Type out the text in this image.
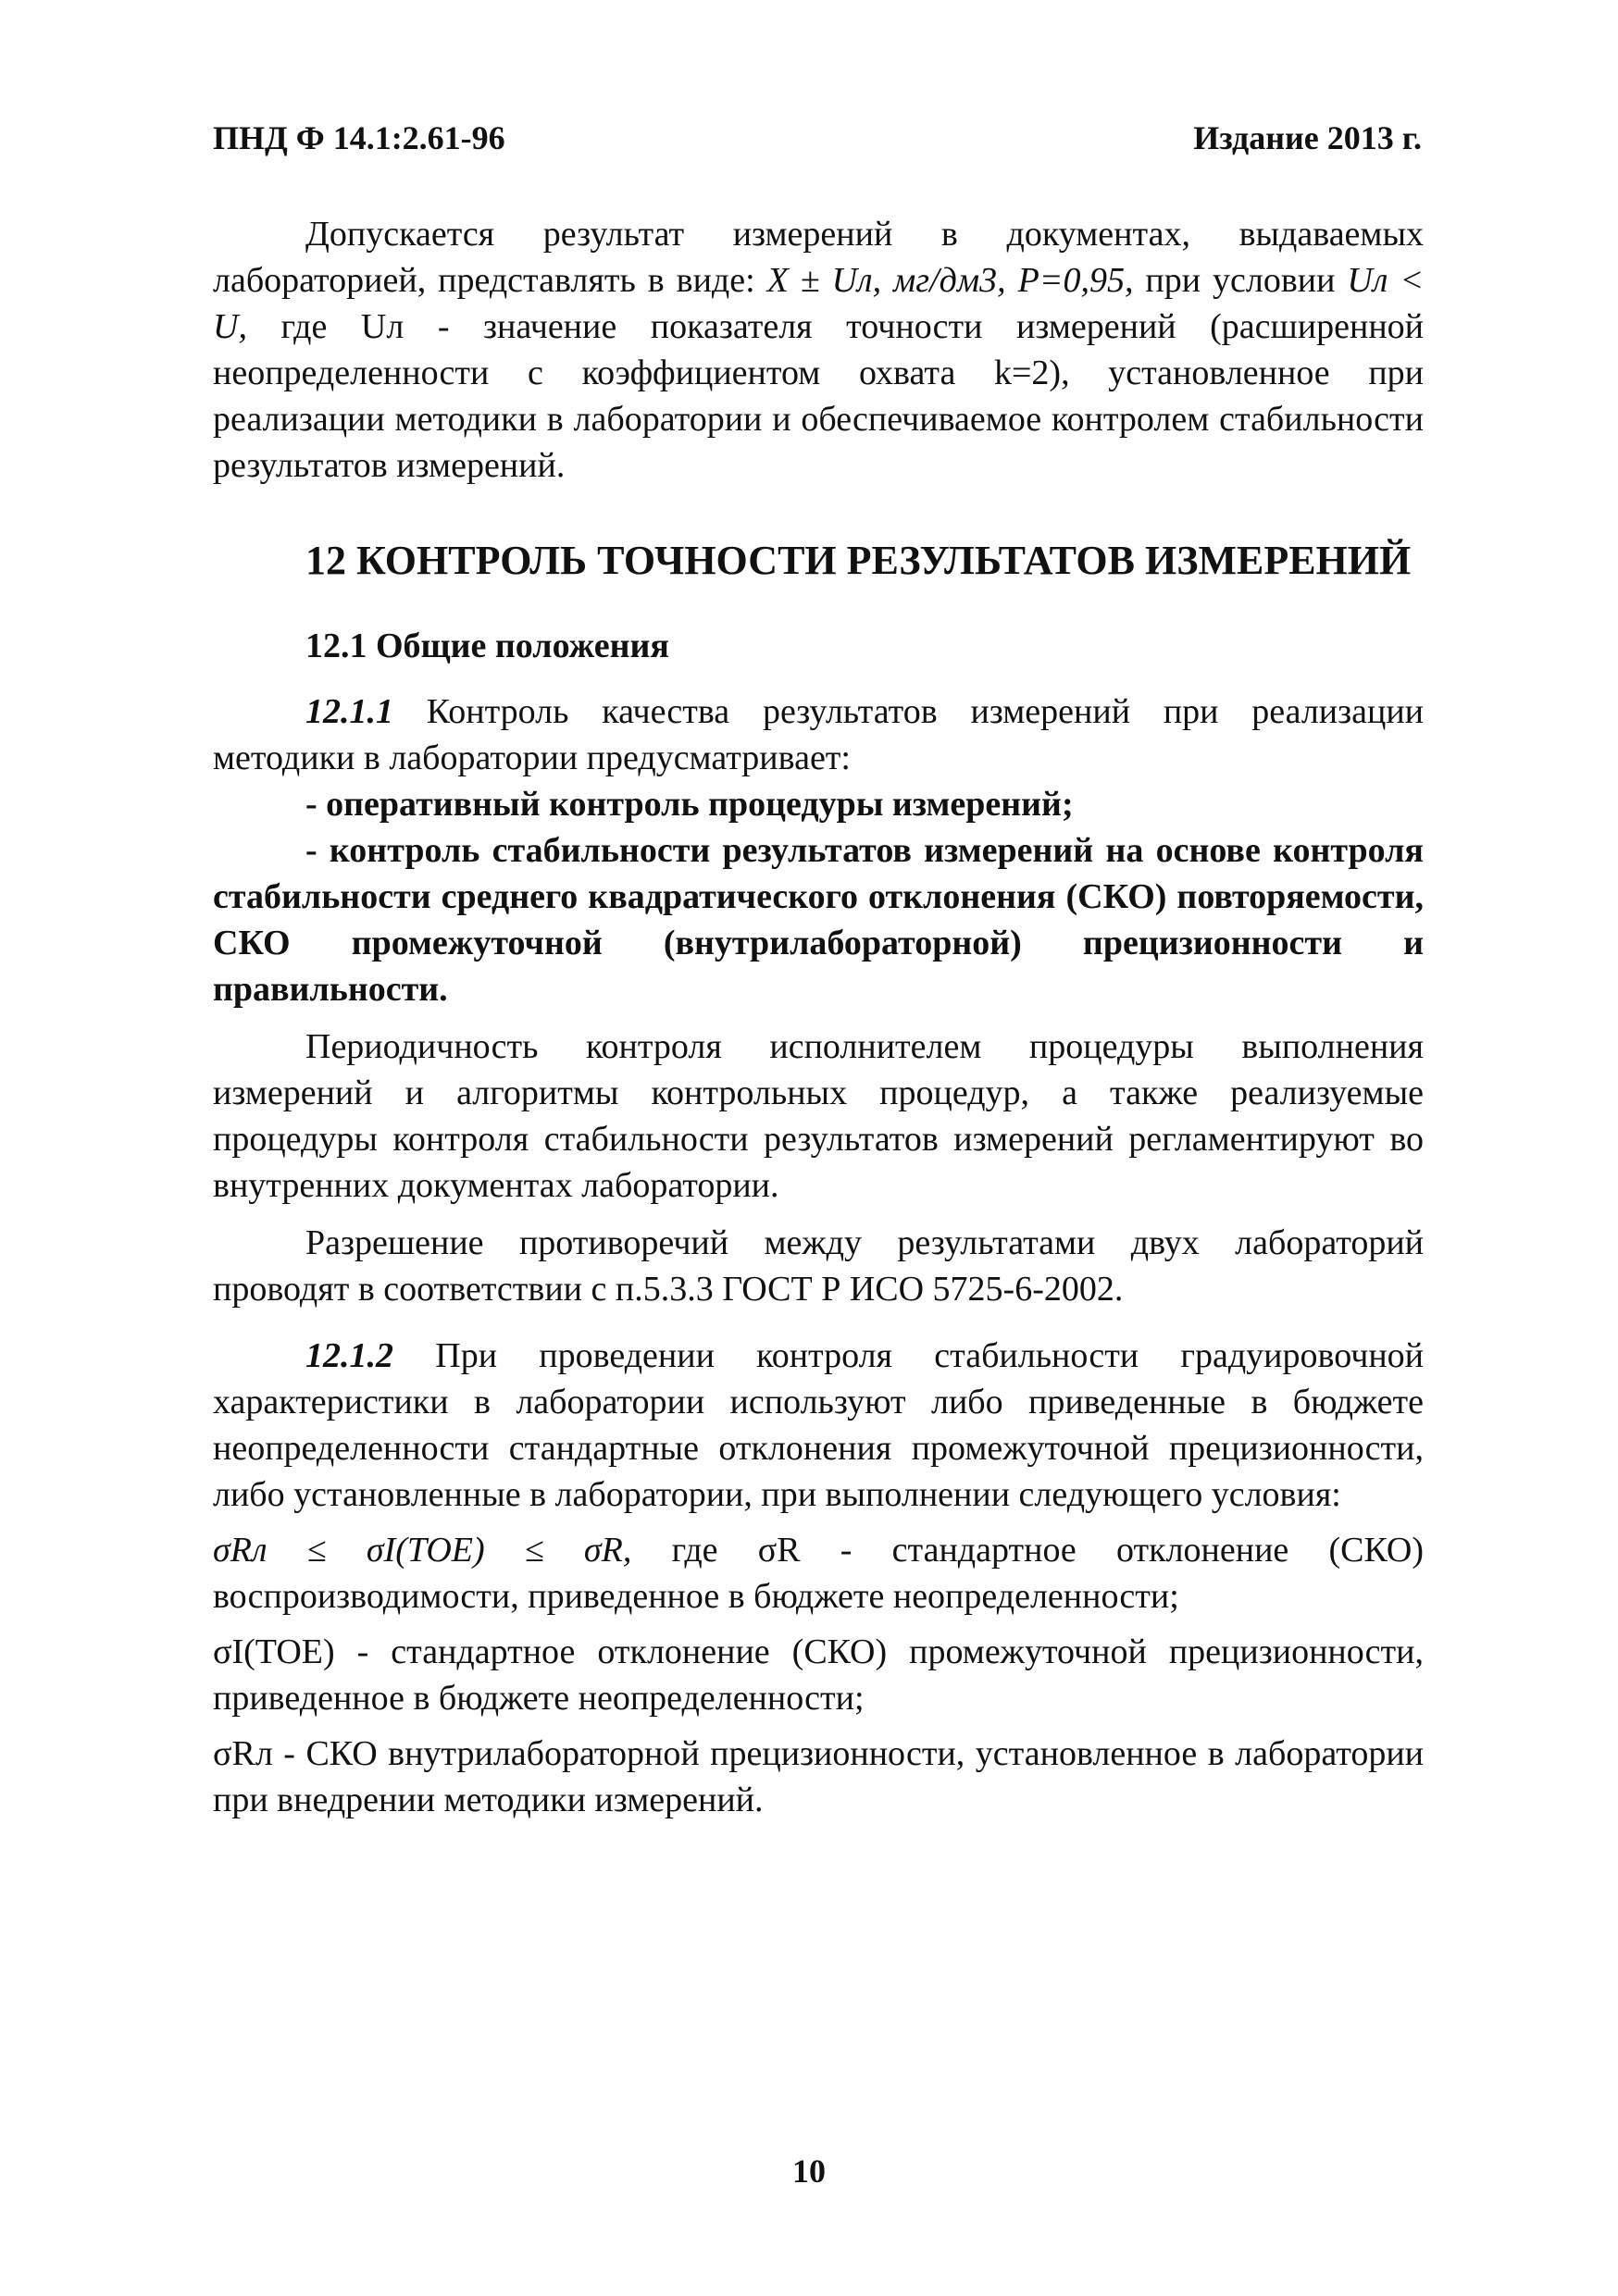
ПНД Ф 14.1:2.61-96	Издание 2013 г.

Допускается результат измерений в документах, выдаваемых лабораторией, представлять в виде: X ± Uл, мг/дм3, P=0,95, при условии Uл < U, где Uл - значение показателя точности измерений (расширенной неопределенности с коэффициентом охвата k=2), установленное при реализации методики в лаборатории и обеспечиваемое контролем стабильности результатов измерений.

12 КОНТРОЛЬ ТОЧНОСТИ РЕЗУЛЬТАТОВ ИЗМЕРЕНИЙ
12.1 Общие положения

12.1.1 Контроль качества результатов измерений при реализации методики в лаборатории предусматривает:

- оперативный контроль процедуры измерений;

- контроль стабильности результатов измерений на основе контроля стабильности среднего квадратического отклонения (СКО) повторяемости, СКО промежуточной (внутрилабораторной) прецизионности и правильности.

Периодичность контроля исполнителем процедуры выполнения измерений и алгоритмы контрольных процедур, а также реализуемые процедуры контроля стабильности результатов измерений регламентируют во внутренних документах лаборатории.

Разрешение противоречий между результатами двух лабораторий проводят в соответствии с п.5.3.3 ГОСТ Р ИСО 5725-6-2002.

12.1.2 При проведении контроля стабильности градуировочной характеристики в лаборатории используют либо приведенные в бюджете неопределенности стандартные отклонения промежуточной прецизионности, либо установленные в лаборатории, при выполнении следующего условия:

σRл ≤ σI(TOE) ≤ σR, где σR - стандартное отклонение (СКО) воспроизводимости, приведенное в бюджете неопределенности;

σI(TOE) - стандартное отклонение (СКО) промежуточной прецизионности, приведенное в бюджете неопределенности;

σRл - СКО внутрилабораторной прецизионности, установленное в лаборатории при внедрении методики измерений.

10
